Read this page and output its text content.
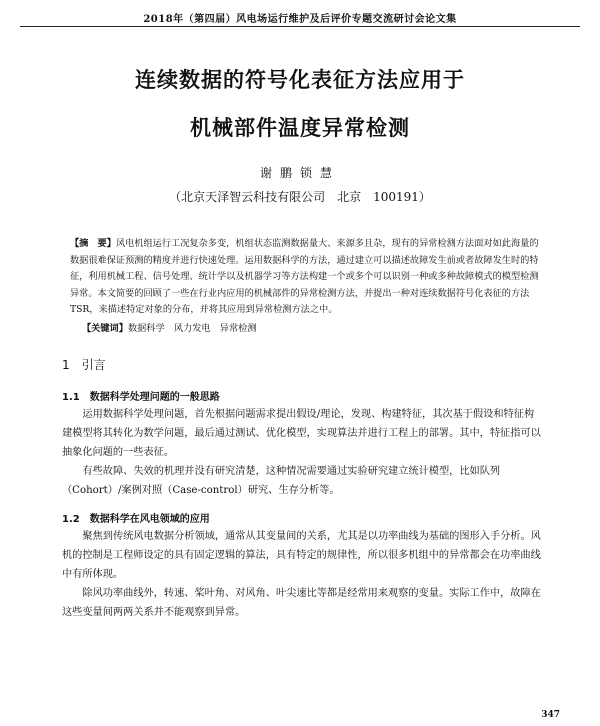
2018年（第四届）风电场运行维护及后评价专题交流研讨会论文集
连续数据的符号化表征方法应用于
机械部件温度异常检测
谢鹏锁慧
（北京天泽智云科技有限公司　北京　100191）
【摘　要】风电机组运行工况复杂多变，机组状态监测数据量大、来源多且杂，现有的异常检测方法面对如此海量的数据很难保证预测的精度并进行快速处理。运用数据科学的方法，通过建立可以描述故障发生前或者故障发生时的特征，利用机械工程、信号处理、统计学以及机器学习等方法构建一个或多个可以识别一种或多种故障模式的模型检测异常。本文简要的回顾了一些在行业内应用的机械部件的异常检测方法，并提出一种对连续数据符号化表征的方法TSR，来描述特定对象的分布，并将其应用到异常检测方法之中。
【关键词】数据科学　风力发电　异常检测
1　引言
1.1　数据科学处理问题的一般思路
运用数据科学处理问题，首先根据问题需求提出假设/理论，发现、构建特征，其次基于假设和特征构建模型将其转化为数学问题，最后通过测试、优化模型，实现算法并进行工程上的部署。其中，特征指可以抽象化问题的一些表征。
有些故障、失效的机理并没有研究清楚，这种情况需要通过实验研究建立统计模型，比如队列（Cohort）/案例对照（Case-control）研究、生存分析等。
1.2　数据科学在风电领域的应用
聚焦到传统风电数据分析领域，通常从其变量间的关系，尤其是以功率曲线为基础的图形入手分析。风机的控制是工程师设定的具有固定逻辑的算法，具有特定的规律性，所以很多机组中的异常都会在功率曲线中有所体现。
除风功率曲线外，转速、桨叶角、对风角、叶尖速比等都是经常用来观察的变量。实际工作中，故障在这些变量间两两关系并不能观察到异常。
347
